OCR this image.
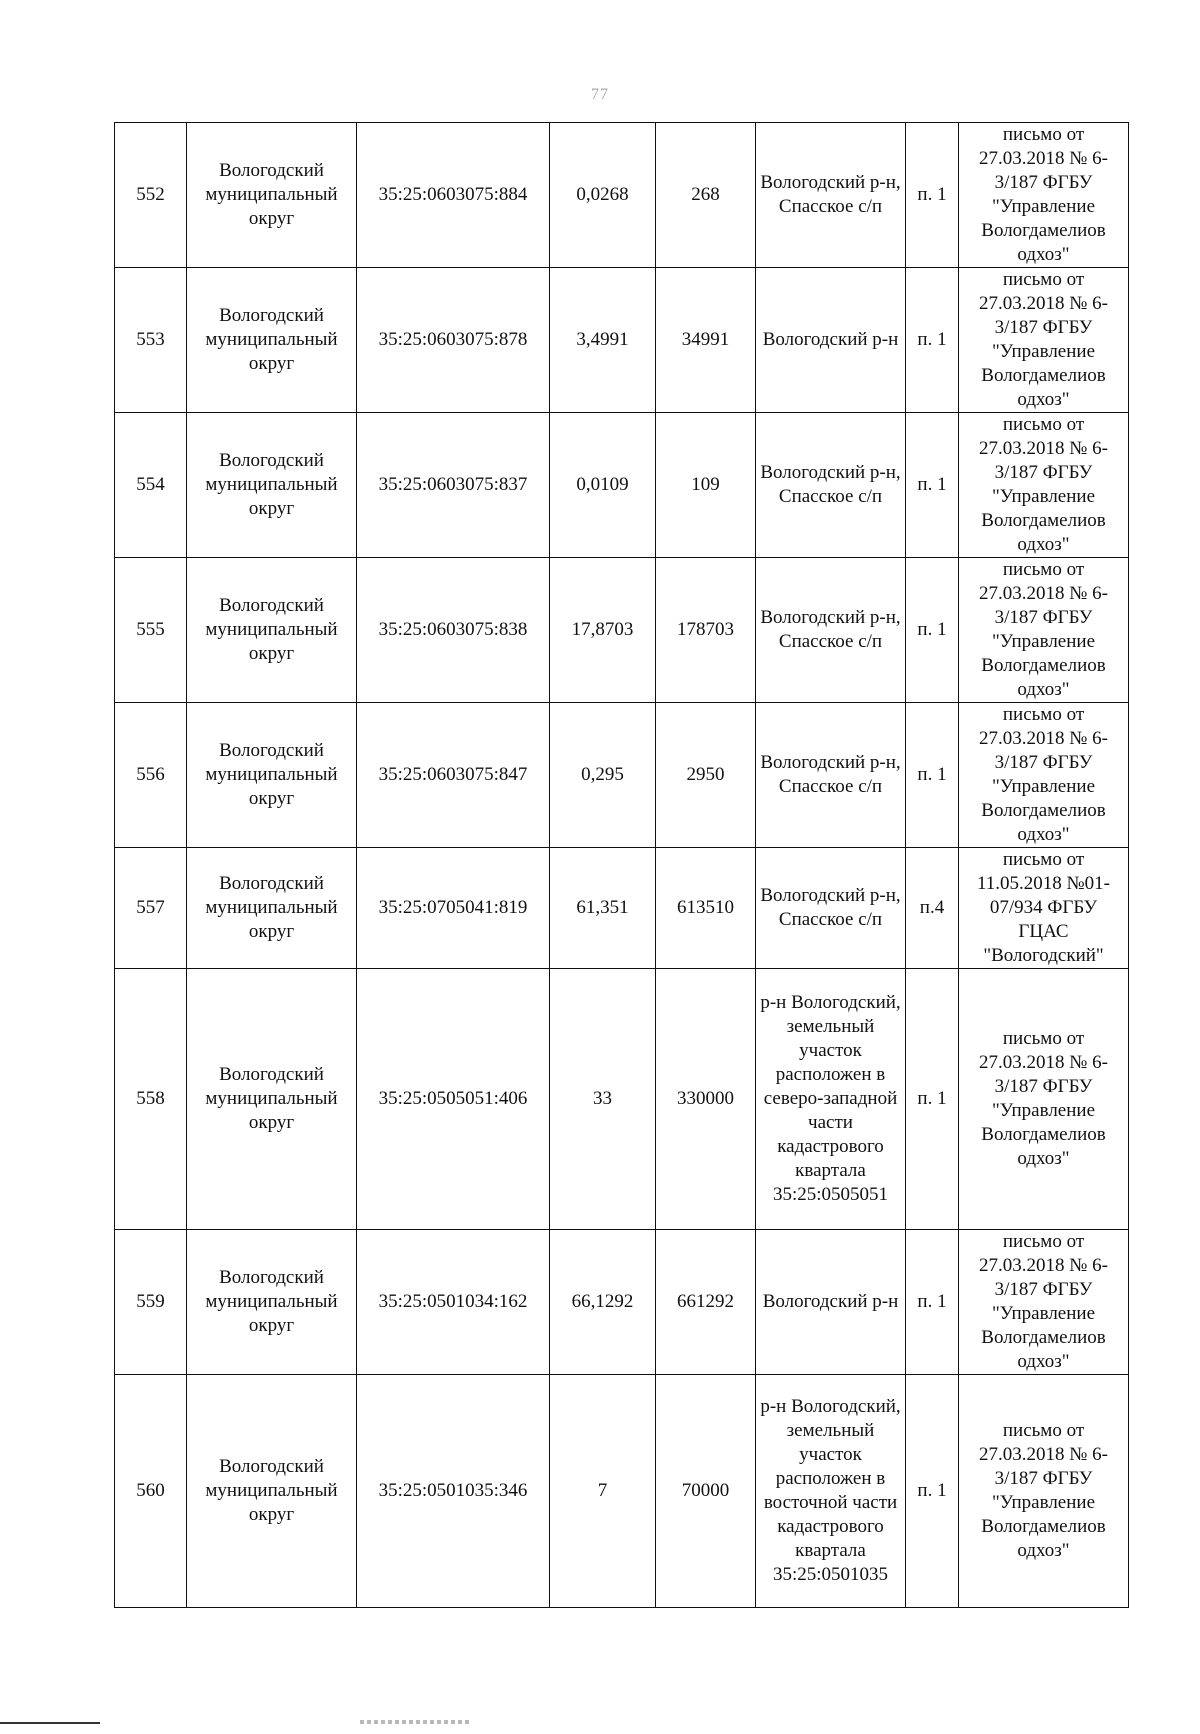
77
552	Вологодский муниципальный округ	35:25:0603075:884	0,0268	268	Вологодский р-н, Спасское с/п	п. 1	письмо от 27.03.2018 № 6-3/187 ФГБУ "Управление Вологдамелиов одхоз"
553	Вологодский муниципальный округ	35:25:0603075:878	3,4991	34991	Вологодский р-н	п. 1	письмо от 27.03.2018 № 6-3/187 ФГБУ "Управление Вологдамелиов одхоз"
554	Вологодский муниципальный округ	35:25:0603075:837	0,0109	109	Вологодский р-н, Спасское с/п	п. 1	письмо от 27.03.2018 № 6-3/187 ФГБУ "Управление Вологдамелиов одхоз"
555	Вологодский муниципальный округ	35:25:0603075:838	17,8703	178703	Вологодский р-н, Спасское с/п	п. 1	письмо от 27.03.2018 № 6-3/187 ФГБУ "Управление Вологдамелиов одхоз"
556	Вологодский муниципальный округ	35:25:0603075:847	0,295	2950	Вологодский р-н, Спасское с/п	п. 1	письмо от 27.03.2018 № 6-3/187 ФГБУ "Управление Вологдамелиов одхоз"
557	Вологодский муниципальный округ	35:25:0705041:819	61,351	613510	Вологодский р-н, Спасское с/п	п.4	письмо от 11.05.2018 №01-07/934 ФГБУ ГЦАС "Вологодский"
558	Вологодский муниципальный округ	35:25:0505051:406	33	330000	р-н Вологодский, земельный участок расположен в северо-западной части кадастрового квартала 35:25:0505051	п. 1	письмо от 27.03.2018 № 6-3/187 ФГБУ "Управление Вологдамелиов одхоз"
559	Вологодский муниципальный округ	35:25:0501034:162	66,1292	661292	Вологодский р-н	п. 1	письмо от 27.03.2018 № 6-3/187 ФГБУ "Управление Вологдамелиов одхоз"
560	Вологодский муниципальный округ	35:25:0501035:346	7	70000	р-н Вологодский, земельный участок расположен в восточной части кадастрового квартала 35:25:0501035	п. 1	письмо от 27.03.2018 № 6-3/187 ФГБУ "Управление Вологдамелиов одхоз"
